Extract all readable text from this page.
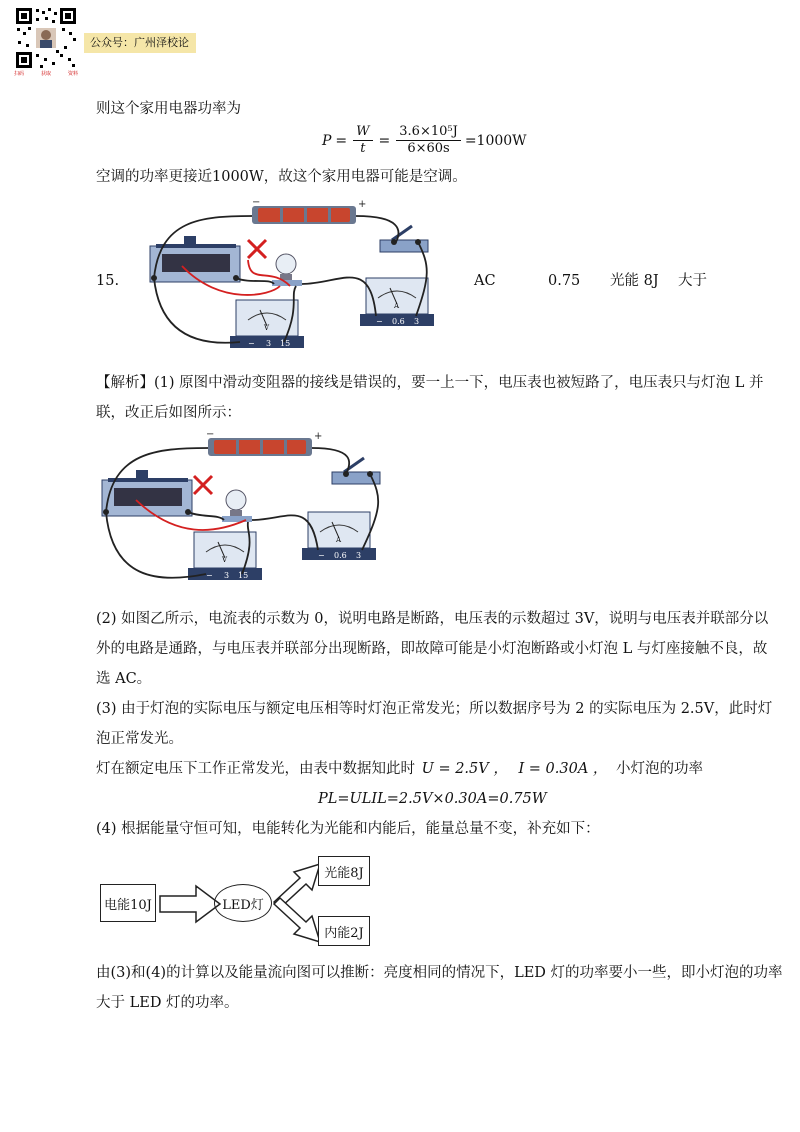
扫码	获取	资料
公众号：广州泽校论
则这个家用电器功率为
$P = \frac{W}{t} = \frac{\text{3.6×10⁵J}}{6\times 60s} =1000W$
空调的功率更接近1000W，故这个家用电器可能是空调。
15.	AC	0.75 光能 8J 大于
−	+
V
− 3 15
A
− 0.6 3
【解析】(1) 原图中滑动变阻器的接线是错误的，要一上一下，电压表也被短路了，电压表只与灯泡 L 并
联，改正后如图所示：
−	+
V
− 3 15
A
− 0.6 3
(2) 如图乙所示，电流表的示数为 0，说明电路是断路，电压表的示数超过 3V，说明与电压表并联部分以
外的电路是通路，与电压表并联部分出现断路，即故障可能是小灯泡断路或小灯泡 L 与灯座接触不良，故
选 AC。
(3) 由于灯泡的实际电压与额定电压相等时灯泡正常发光；所以数据序号为 2 的实际电压为 2.5V，此时灯
泡正常发光。
灯在额定电压下工作正常发光，由表中数据知此时 U = 2.5V ， I = 0.30A ， 小灯泡的功率
PL=ULIL=2.5V×0.30A=0.75W
(4) 根据能量守恒可知，电能转化为光能和内能后，能量总量不变，补充如下：
电能10J	LED灯
光能8J
内能2J
由(3)和(4)的计算以及能量流向图可以推断：亮度相同的情况下，LED 灯的功率要小一些，即小灯泡的功率
大于 LED 灯的功率。
